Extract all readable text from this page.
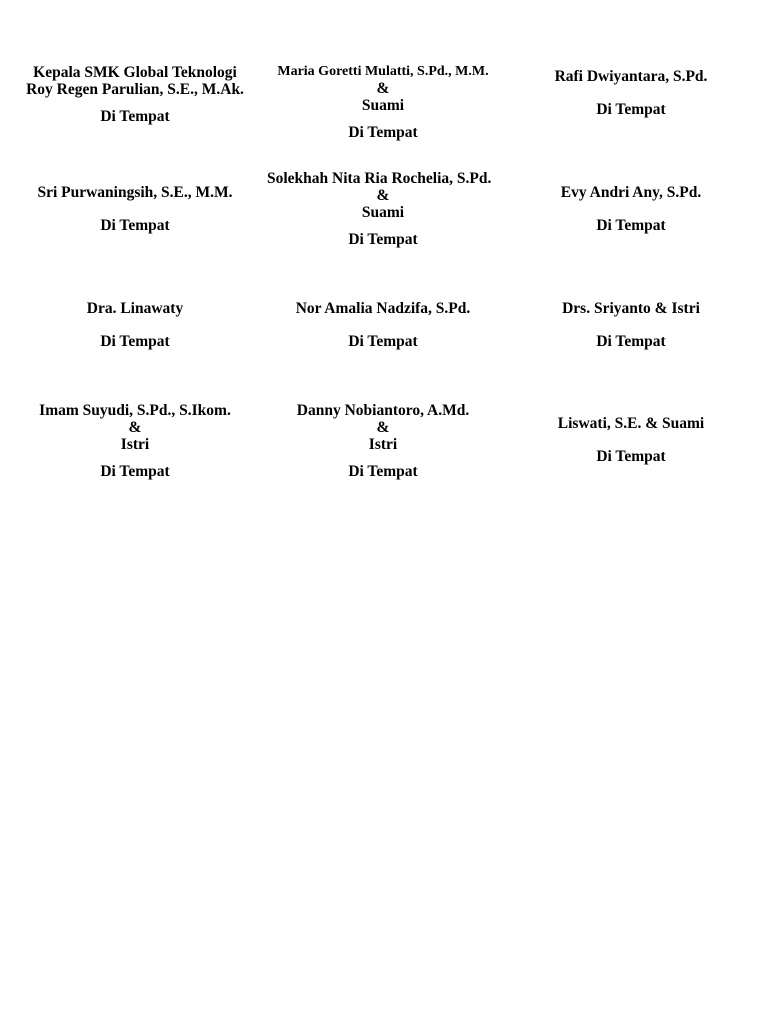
Kepala SMK Global Teknologi
Roy Regen Parulian, S.E., M.Ak.
Di Tempat
Maria Goretti Mulatti, S.Pd., M.M.
&
Suami
Di Tempat
Rafi Dwiyantara, S.Pd.
Di Tempat
Sri Purwaningsih, S.E., M.M.
Di Tempat
Solekhah Nita Ria Rochelia, S.Pd.
&
Suami
Di Tempat
Evy Andri Any, S.Pd.
Di Tempat
Dra. Linawaty
Di Tempat
Nor Amalia Nadzifa, S.Pd.
Di Tempat
Drs. Sriyanto & Istri
Di Tempat
Imam Suyudi, S.Pd., S.Ikom.
&
Istri
Di Tempat
Danny Nobiantoro, A.Md.
&
Istri
Di Tempat
Liswati, S.E. & Suami
Di Tempat
